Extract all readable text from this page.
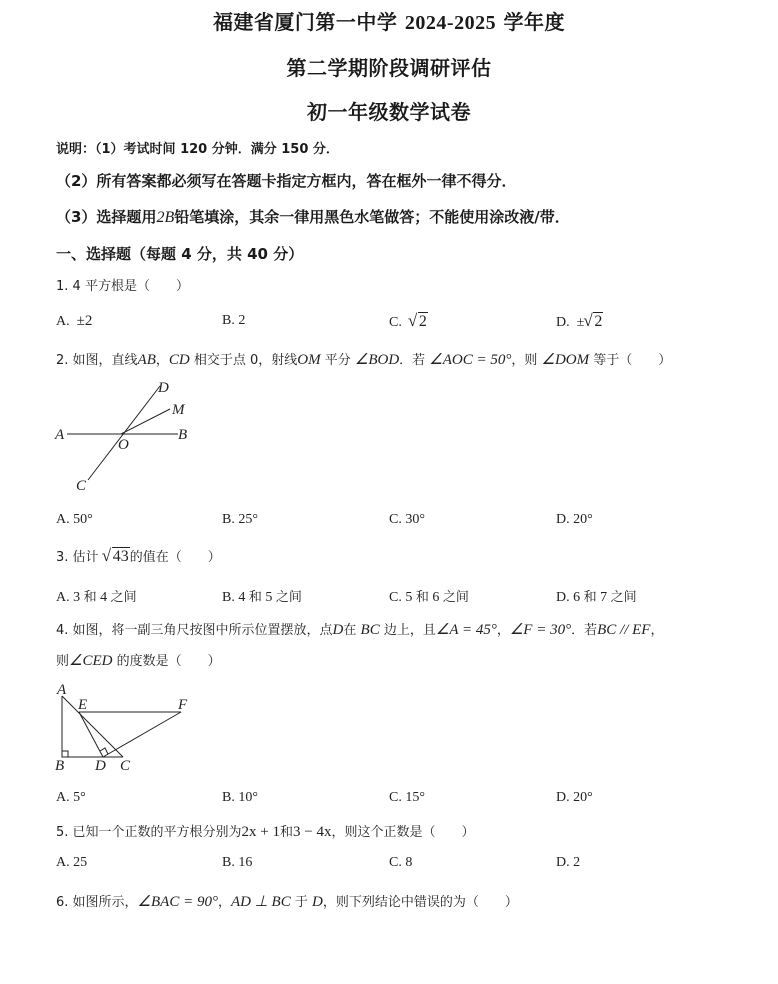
福建省厦门第一中学 2024-2025 学年度
第二学期阶段调研评估
初一年级数学试卷
说明：（1）考试时间 120 分钟．满分 150 分．
（2）所有答案都必须写在答题卡指定方框内，答在框外一律不得分．
（3）选择题用2B铅笔填涂，其余一律用黑色水笔做答；不能使用涂改液/带．
一、选择题（每题 4 分，共 40 分）
1. 4 平方根是（　　）
A. ±2	B. 2	C. √ 2	D. ± √ 2
2. 如图，直线AB，CD 相交于点 0，射线OM 平分 ∠BOD．若 ∠AOC = 50°，则 ∠DOM 等于（　　）
A	B
C
D
M
O
A. 50°	B. 25°	C. 30°	D. 20°
3. 估计 √ 43的值在（　　）
A. 3 和 4 之间	B. 4 和 5 之间	C. 5 和 6 之间	D. 6 和 7 之间
4. 如图，将一副三角尺按图中所示位置摆放，点D在 BC 边上，且∠A = 45°，∠F = 30°．若BC // EF，
则∠CED 的度数是（　　）
A
E	F
B D C
A. 5°	B. 10°	C. 15°	D. 20°
5. 已知一个正数的平方根分别为2x + 1和3 − 4x，则这个正数是（　　）
A. 25	B. 16	C. 8	D. 2
6. 如图所示，∠BAC = 90°，AD ⊥ BC 于 D，则下列结论中错误的为（　　）
